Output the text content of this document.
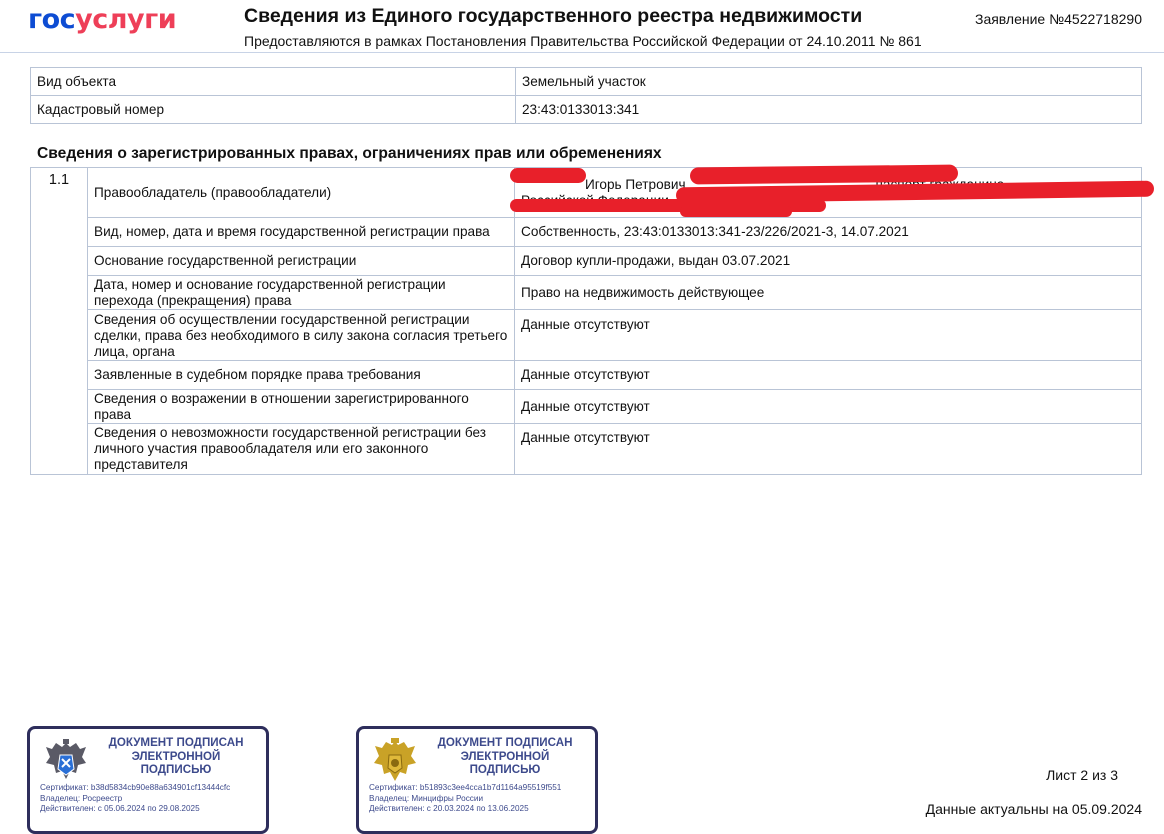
госуслуги	Сведения из Единого государственного реестра недвижимости
Предоставляются в рамках Постановления Правительства Российской Федерации от 24.10.2011 № 861
Заявление №4522718290
Вид объекта	Земельный участок
Кадастровый номер	23:43:0133013:341
Сведения о зарегистрированных правах, ограничениях прав или обременениях
1.1	Правообладатель (правообладатели)	Игорь Петрович

	Вид, номер, дата и время государственной регистрации права	Собственность, 23:43:0133013:341-23/226/2021-3, 14.07.2021
	Основание государственной регистрации	Договор купли-продажи, выдан 03.07.2021
	Дата, номер и основание государственной регистрации перехода (прекращения) права	Право на недвижимость действующее
	Сведения об осуществлении государственной регистрации сделки, права без необходимого в силу закона согласия третьего лица, органа	Данные отсутствуют
	Заявленные в судебном порядке права требования	Данные отсутствуют
	Сведения о возражении в отношении зарегистрированного права	Данные отсутствуют
	Сведения о невозможности государственной регистрации без личного участия правообладателя или его законного представителя	Данные отсутствуют
ДОКУМЕНТ ПОДПИСАН
ЭЛЕКТРОННОЙ
ПОДПИСЬЮ
Сертификат: b38d5834cb90e88a634901cf13444cfc
Владелец: Росреестр
Действителен: с 05.06.2024 по 29.08.2025
ДОКУМЕНТ ПОДПИСАН
ЭЛЕКТРОННОЙ
ПОДПИСЬЮ
Сертификат: b51893c3ee4cca1b7d1164a95519f551
Владелец: Минцифры России
Действителен: с 20.03.2024 по 13.06.2025
Лист 2 из 3
Данные актуальны на 05.09.2024
